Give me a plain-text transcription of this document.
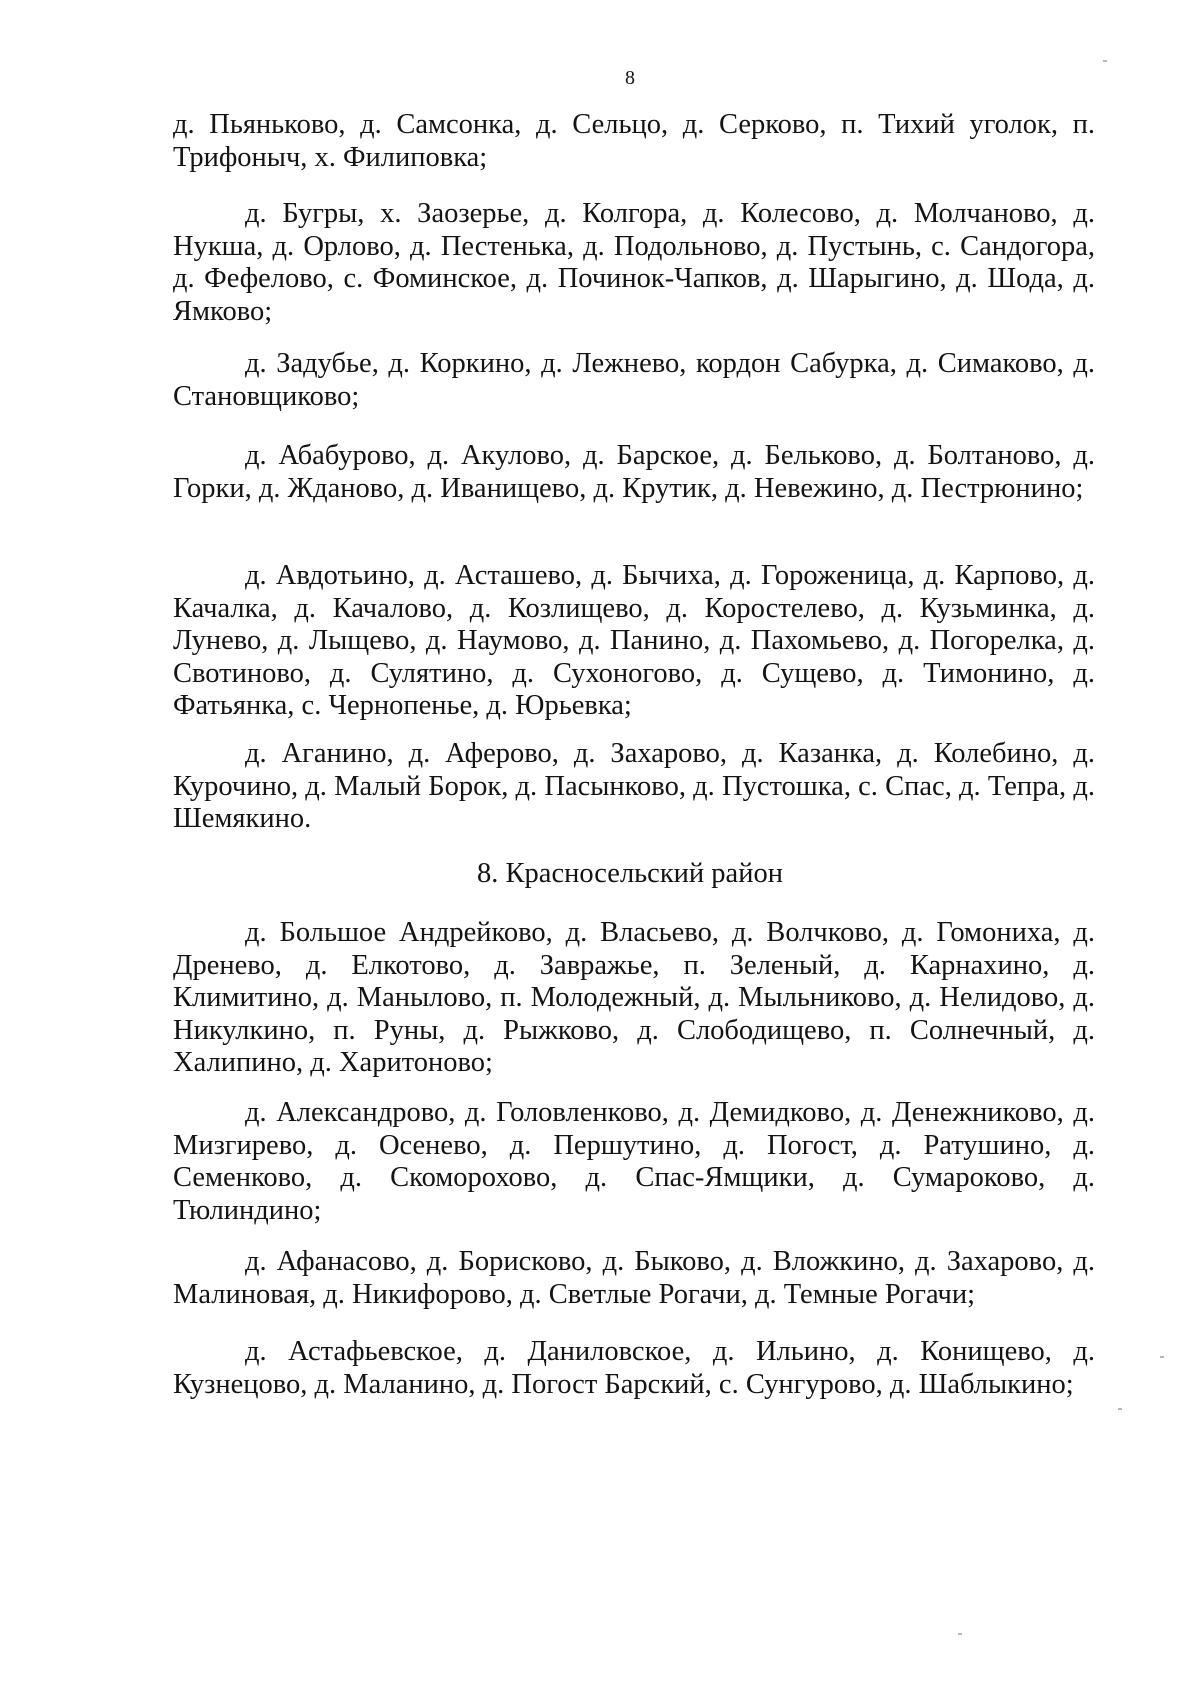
8
д. Пьяньково, д. Самсонка, д. Сельцо, д. Серково, п. Тихий уголок, п. Трифоныч, х. Филиповка;
д. Бугры, х. Заозерье, д. Колгора, д. Колесово, д. Молчаново, д. Нукша, д. Орлово, д. Пестенька, д. Подольново, д. Пустынь, с. Сандогора, д. Фефелово, с. Фоминское, д. Починок-Чапков, д. Шарыгино, д. Шода, д. Ямково;
д. Задубье, д. Коркино, д. Лежнево, кордон Сабурка, д. Симаково, д. Становщиково;
д. Абабурово, д. Акулово, д. Барское, д. Бельково, д. Болтаново, д. Горки, д. Жданово, д. Иванищево, д. Крутик, д. Невежино, д. Пестрюнино;
д. Авдотьино, д. Асташево, д. Бычиха, д. Гороженица, д. Карпово, д. Качалка, д. Качалово, д. Козлищево, д. Коростелево, д. Кузьминка, д. Лунево, д. Лыщево, д. Наумово, д. Панино, д. Пахомьево, д. Погорелка, д. Свотиново, д. Сулятино, д. Сухоногово, д. Сущево, д. Тимонино, д. Фатьянка, с. Чернопенье, д. Юрьевка;
д. Аганино, д. Аферово, д. Захарово, д. Казанка, д. Колебино, д. Курочино, д. Малый Борок, д. Пасынково, д. Пустошка, с. Спас, д. Тепра, д. Шемякино.
8. Красносельский район
д. Большое Андрейково, д. Власьево, д. Волчково, д. Гомониха, д. Дренево, д. Елкотово, д. Завражье, п. Зеленый, д. Карнахино, д. Климитино, д. Манылово, п. Молодежный, д. Мыльниково, д. Нелидово, д. Никулкино, п. Руны, д. Рыжково, д. Слободищево, п. Солнечный, д. Халипино, д. Харитоново;
д. Александрово, д. Головленково, д. Демидково, д. Денежниково, д. Мизгирево, д. Осенево, д. Першутино, д. Погост, д. Ратушино, д. Семенково, д. Скоморохово, д. Спас-Ямщики, д. Сумароково, д. Тюлиндино;
д. Афанасово, д. Борисково, д. Быково, д. Вложкино, д. Захарово, д. Малиновая, д. Никифорово, д. Светлые Рогачи, д. Темные Рогачи;
д. Астафьевское, д. Даниловское, д. Ильино, д. Конищево, д. Кузнецово, д. Маланино, д. Погост Барский, с. Сунгурово, д. Шаблыкино;
